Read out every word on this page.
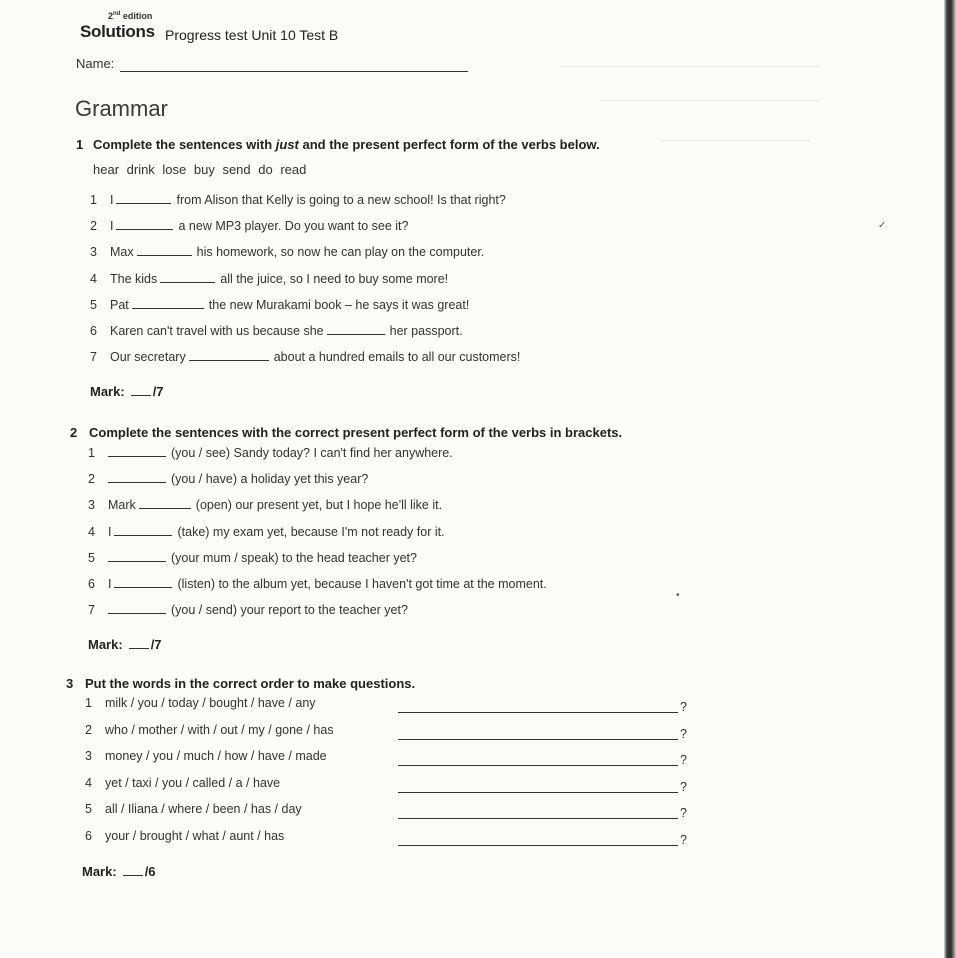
2nd edition
Solutions Progress test Unit 10 Test B
Name:
Grammar
1 Complete the sentences with just and the present perfect form of the verbs below.
hear drink lose buy send do read
1 I	from Alison that Kelly is going to a new school! Is that right?
2 I	a new MP3 player. Do you want to see it?
3 Max	his homework, so now he can play on the computer.
4 The kids	all the juice, so I need to buy some more!
5 Pat	the new Murakami book – he says it was great!
6 Karen can't travel with us because she	her passport.
7 Our secretary	about a hundred emails to all our customers!
Mark: /7
2 Complete the sentences with the correct present perfect form of the verbs in brackets.
1	(you / see) Sandy today? I can't find her anywhere.
2	(you / have) a holiday yet this year?
3 Mark	(open) our present yet, but I hope he'll like it.
4 I	(take) my exam yet, because I'm not ready for it.
5	(your mum / speak) to the head teacher yet?
6 I	(listen) to the album yet, because I haven't got time at the moment.
7	(you / send) your report to the teacher yet?
Mark: /7
3 Put the words in the correct order to make questions.
1 milk / you / today / bought / have / any	?
2 who / mother / with / out / my / gone / has	?
3 money / you / much / how / have / made	?
4 yet / taxi / you / called / a / have	?
5 all / Iliana / where / been / has / day	?
6 your / brought / what / aunt / has	?
Mark: /6
✓
•
